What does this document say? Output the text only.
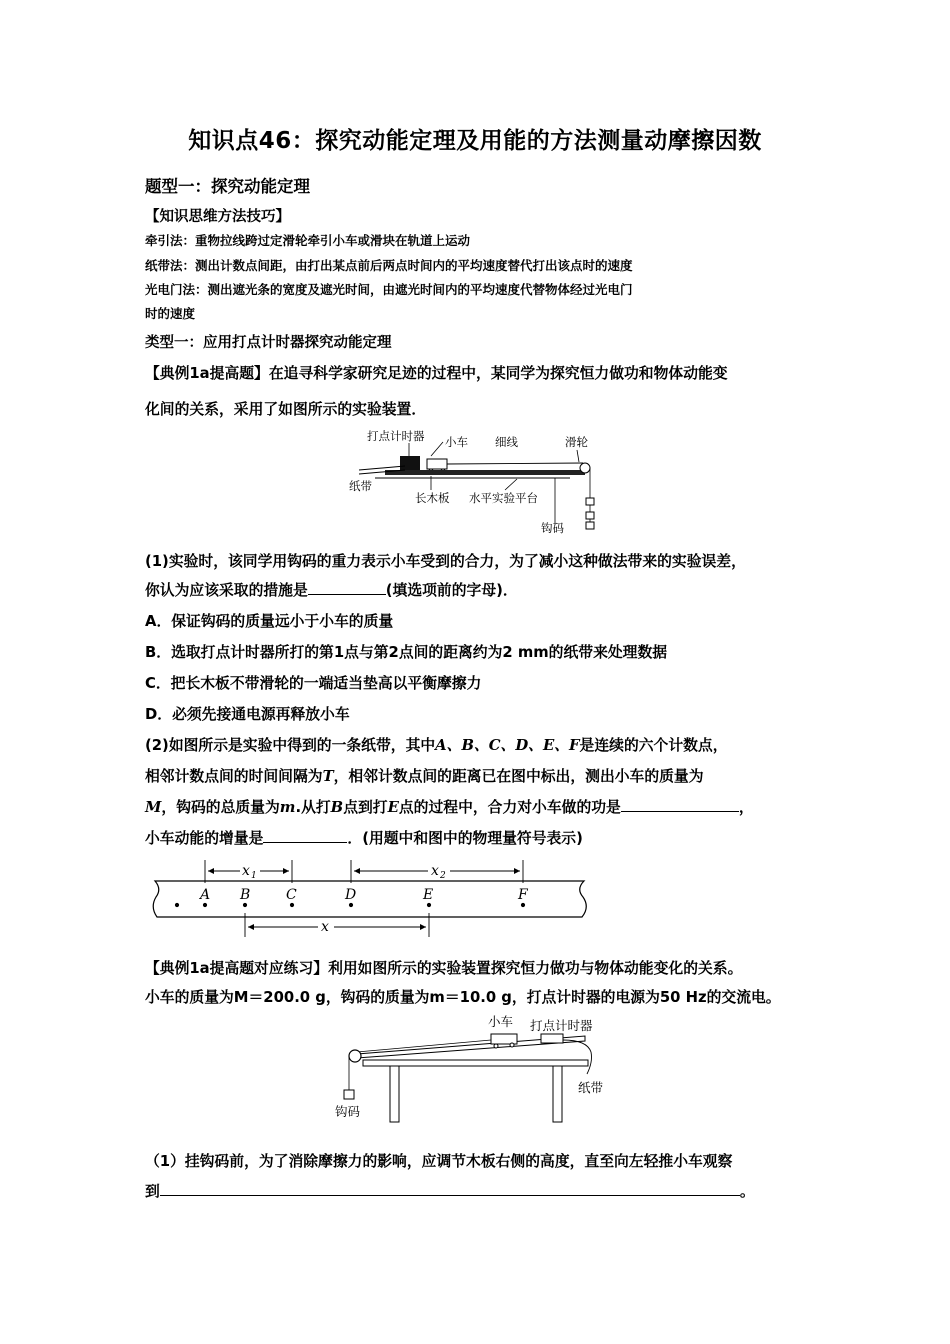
知识点46：探究动能定理及用能的方法测量动摩擦因数
题型一：探究动能定理
【知识思维方法技巧】
牵引法：重物拉线跨过定滑轮牵引小车或滑块在轨道上运动
纸带法：测出计数点间距，由打出某点前后两点时间内的平均速度替代打出该点时的速度
光电门法：测出遮光条的宽度及遮光时间，由遮光时间内的平均速度代替物体经过光电门
时的速度
类型一：应用打点计时器探究动能定理
【典例1a提高题】在追寻科学家研究足迹的过程中，某同学为探究恒力做功和物体动能变
化间的关系，采用了如图所示的实验装置．
打点计时器 小车 细线	滑轮
纸带
长木板 水平实验平台
钩码
(1)实验时，该同学用钩码的重力表示小车受到的合力，为了减小这种做法带来的实验误差，
你认为应该采取的措施是	(填选项前的字母)．
A．保证钩码的质量远小于小车的质量
B．选取打点计时器所打的第1点与第2点间的距离约为2 mm的纸带来处理数据
C．把长木板不带滑轮的一端适当垫高以平衡摩擦力
D．必须先接通电源再释放小车
(2)如图所示是实验中得到的一条纸带，其中A、B、C、D、E、F是连续的六个计数点，
相邻计数点间的时间间隔为T，相邻计数点间的距离已在图中标出，测出小车的质量为
M，钩码的总质量为m.从打B点到打E点的过程中，合力对小车做的功是	，
小车动能的增量是	．(用题中和图中的物理量符号表示)
A B	C	D	E	F
x 1	x 2
x
【典例1a提高题对应练习】利用如图所示的实验装置探究恒力做功与物体动能变化的关系。
小车的质量为M＝200.0 g，钩码的质量为m＝10.0 g，打点计时器的电源为50 Hz的交流电。
小车 打点计时器
钩码
纸带
（1）挂钩码前，为了消除摩擦力的影响，应调节木板右侧的高度，直至向左轻推小车观察
到	。
